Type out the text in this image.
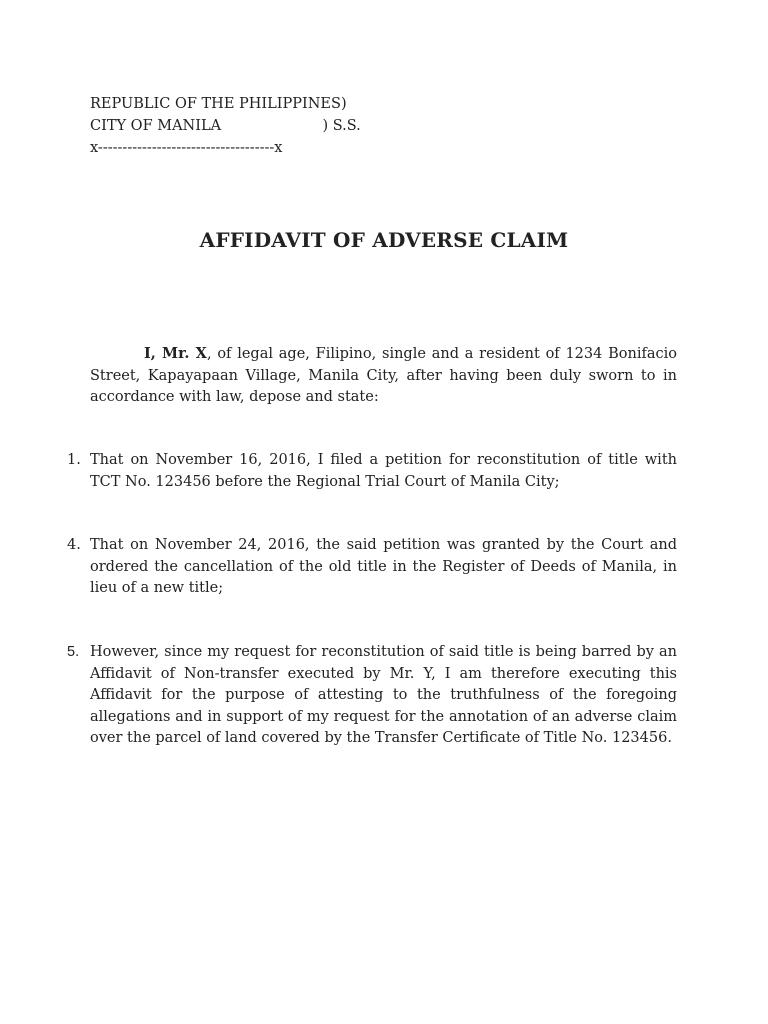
REPUBLIC OF THE PHILIPPINES)
CITY OF MANILA                      ) S.S.
x------------------------------------x
AFFIDAVIT OF ADVERSE CLAIM
I, Mr. X, of legal age, Filipino, single and a resident of 1234 Bonifacio Street, Kapayapaan Village, Manila City, after having been duly sworn to in accordance with law, depose and state:
1. That on November 16, 2016, I filed a petition for reconstitution of title with TCT No. 123456 before the Regional Trial Court of Manila City;
4. That on November 24, 2016, the said petition was granted by the Court and ordered the cancellation of the old title in the Register of Deeds of Manila, in lieu of a new title;
5. However, since my request for reconstitution of said title is being barred by an Affidavit of Non-transfer executed by Mr. Y, I am therefore executing this Affidavit for the purpose of attesting to the truthfulness of the foregoing allegations and in support of my request for the annotation of an adverse claim over the parcel of land covered by the Transfer Certificate of Title No. 123456.
